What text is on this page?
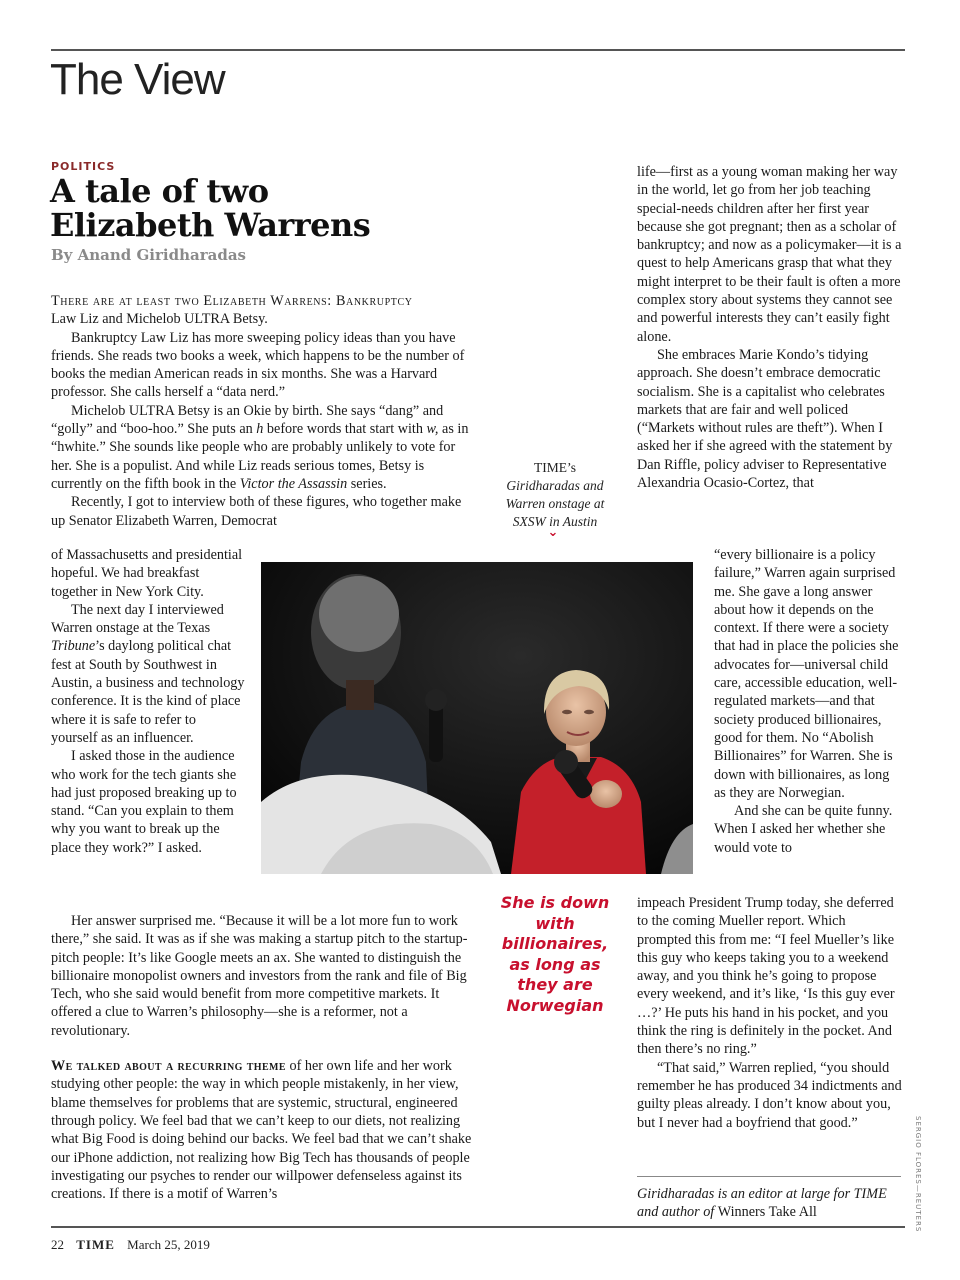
The View
POLITICS
A tale of two
Elizabeth Warrens
By Anand Giridharadas

There are at least two Elizabeth Warrens: Bankruptcy
Law Liz and Michelob ULTRA Betsy.

Bankruptcy Law Liz has more sweeping policy ideas than you have friends. She reads two books a week, which happens to be the number of books the median American reads in six months. She was a Harvard professor. She calls herself a “data nerd.”

Michelob ULTRA Betsy is an Okie by birth. She says “dang” and “golly” and “boo-hoo.” She puts an h before words that start with w, as in “hwhite.” She sounds like people who are probably unlikely to vote for her. She is a populist. And while Liz reads serious tomes, Betsy is currently on the fifth book in the Victor the Assassin series.

Recently, I got to interview both of these figures, who together make up Senator Elizabeth Warren, Democrat

of Massachusetts and presidential hopeful. We had breakfast together in New York City.

The next day I interviewed Warren onstage at the Texas Tribune’s daylong political chat fest at South by Southwest in Austin, a business and technology conference. It is the kind of place where it is safe to refer to yourself as an influencer.

I asked those in the audience who work for the tech giants she had just proposed breaking up to stand. “Can you explain to them why you want to break up the place they work?” I asked.

Her answer surprised me. “Because it will be a lot more fun to work there,” she said. It was as if she was making a startup pitch to the startup-pitch people: It’s like Google meets an ax. She wanted to distinguish the billionaire monopolist owners and investors from the rank and file of Big Tech, who she said would benefit from more competitive markets. It offered a clue to Warren’s philosophy—she is a reformer, not a revolutionary.

We talked about a recurring theme of her own life and her work studying other people: the way in which people mistakenly, in her view, blame themselves for problems that are systemic, structural, engineered through policy. We feel bad that we can’t keep to our diets, not realizing what Big Food is doing behind our backs. We feel bad that we can’t shake our iPhone addiction, not realizing how Big Tech has thousands of people investigating our psyches to render our willpower defenseless against its creations. If there is a motif of Warren’s

TIME’s Giridharadas and Warren onstage at SXSW in Austin
⌄
She is down with billionaires, as long as they are Norwegian

life—first as a young woman making her way in the world, let go from her job teaching special-needs children after her first year because she got pregnant; then as a scholar of bankruptcy; and now as a policymaker—it is a quest to help Americans grasp that what they might interpret to be their fault is often a more complex story about systems they cannot see and powerful interests they can’t easily fight alone.

She embraces Marie Kondo’s tidying approach. She doesn’t embrace democratic socialism. She is a capitalist who celebrates markets that are fair and well policed (“Markets without rules are theft”). When I asked her if she agreed with the statement by Dan Riffle, policy adviser to Representative Alexandria Ocasio-Cortez, that

“every billionaire is a policy failure,” Warren again surprised me. She gave a long answer about how it depends on the context. If there were a society that had in place the policies she advocates for—universal child care, accessible education, well-regulated markets—and that society produced billionaires, good for them. No “Abolish Billionaires” for Warren. She is down with billionaires, as long as they are Norwegian.

And she can be quite funny. When I asked her whether she would vote to

impeach President Trump today, she deferred to the coming Mueller report. Which prompted this from me: “I feel Mueller’s like this guy who keeps taking you to a weekend away, and you think he’s going to propose every weekend, and it’s like, ‘Is this guy ever …?’ He puts his hand in his pocket, and you think the ring is definitely in the pocket. And then there’s no ring.”

“That said,” Warren replied, “you should remember he has produced 34 indictments and guilty pleas already. I don’t know about you, but I never had a boyfriend that good.”

Giridharadas is an editor at large for TIME and author of Winners Take All	SERGIO FLORES—REUTERS
22 TIME March 25, 2019
